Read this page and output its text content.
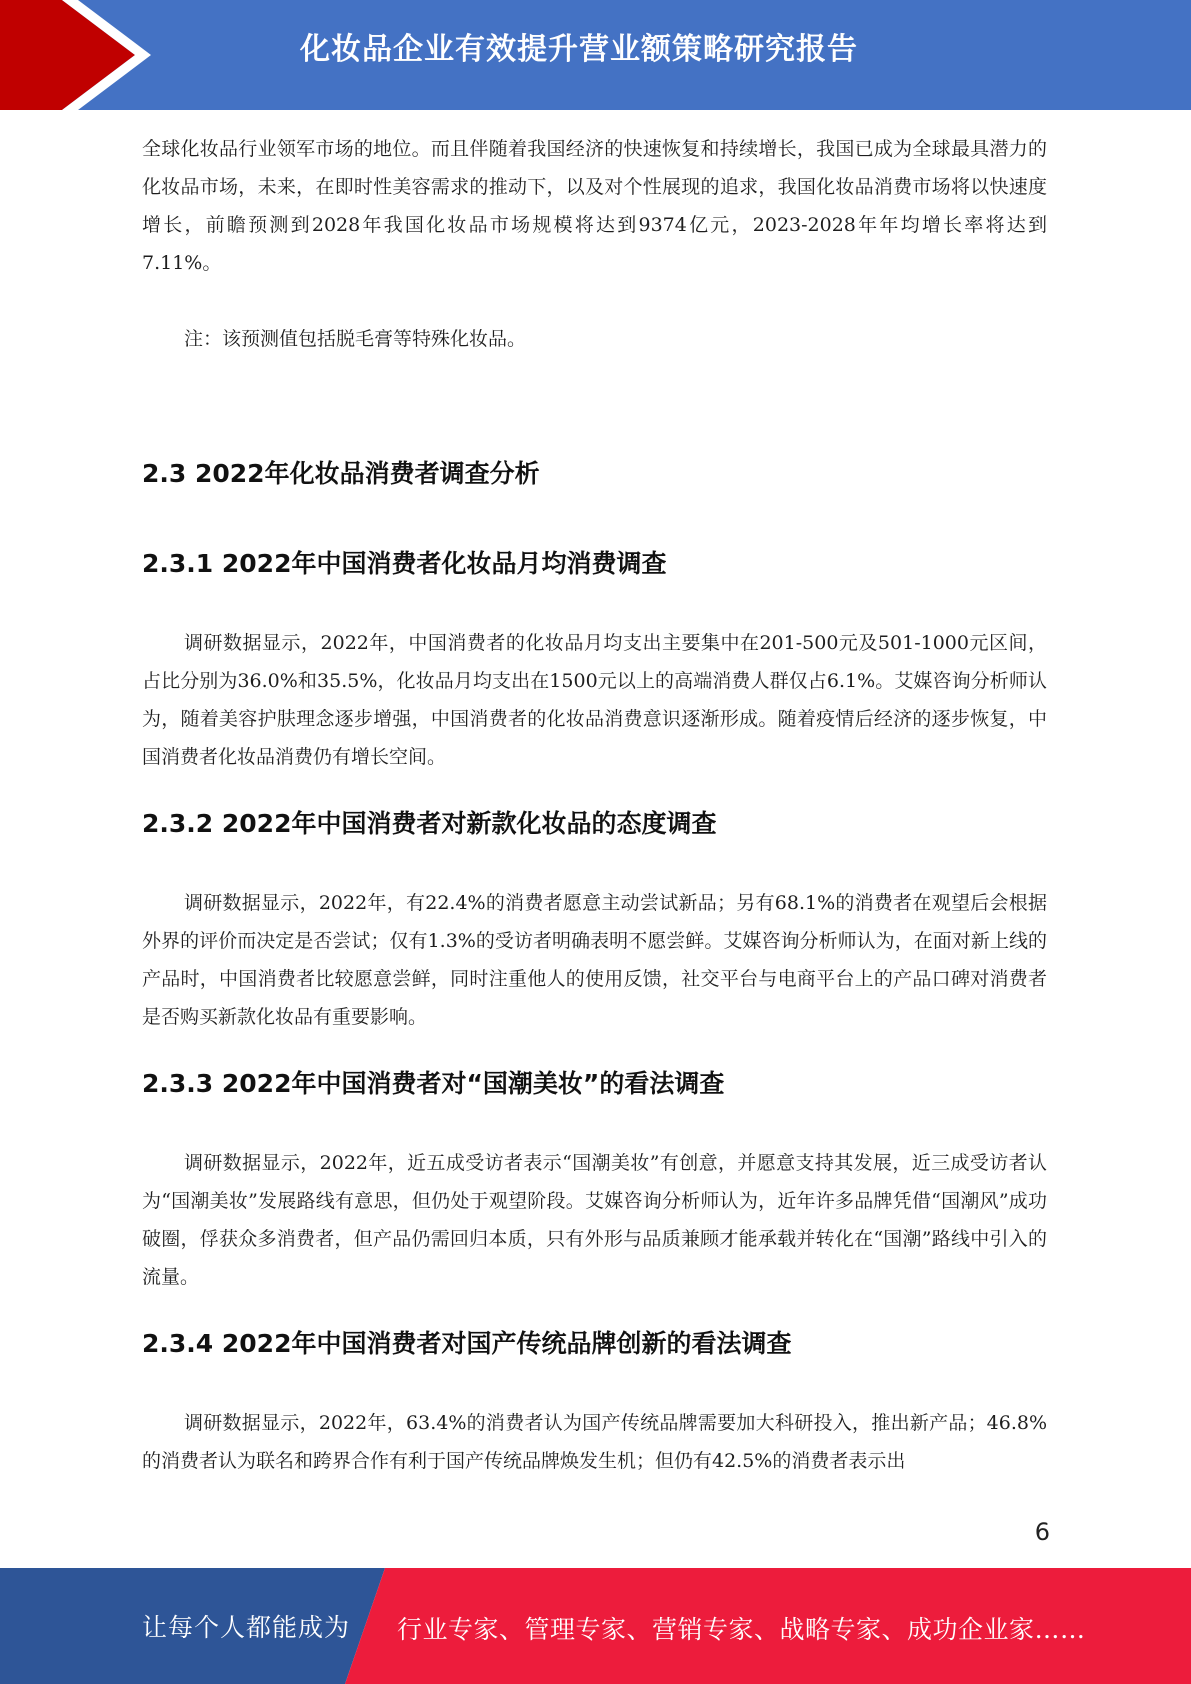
化妆品企业有效提升营业额策略研究报告

全球化妆品行业领军市场的地位。而且伴随着我国经济的快速恢复和持续增长，我国已成为全球最具潜力的化妆品市场，未来，在即时性美容需求的推动下，以及对个性展现的追求，我国化妆品消费市场将以快速度增长，前瞻预测到2028年我国化妆品市场规模将达到9374亿元，2023-2028年年均增长率将达到7.11%。

注：该预测值包括脱毛膏等特殊化妆品。

2.3 2022年化妆品消费者调查分析
2.3.1 2022年中国消费者化妆品月均消费调查

调研数据显示，2022年，中国消费者的化妆品月均支出主要集中在201-500元及501-1000元区间，占比分别为36.0%和35.5%，化妆品月均支出在1500元以上的高端消费人群仅占6.1%。艾媒咨询分析师认为，随着美容护肤理念逐步增强，中国消费者的化妆品消费意识逐渐形成。随着疫情后经济的逐步恢复，中国消费者化妆品消费仍有增长空间。

2.3.2 2022年中国消费者对新款化妆品的态度调查

调研数据显示，2022年，有22.4%的消费者愿意主动尝试新品；另有68.1%的消费者在观望后会根据外界的评价而决定是否尝试；仅有1.3%的受访者明确表明不愿尝鲜。艾媒咨询分析师认为，在面对新上线的产品时，中国消费者比较愿意尝鲜，同时注重他人的使用反馈，社交平台与电商平台上的产品口碑对消费者是否购买新款化妆品有重要影响。

2.3.3 2022年中国消费者对“国潮美妆”的看法调查

调研数据显示，2022年，近五成受访者表示“国潮美妆”有创意，并愿意支持其发展，近三成受访者认为“国潮美妆”发展路线有意思，但仍处于观望阶段。艾媒咨询分析师认为，近年许多品牌凭借“国潮风”成功破圈，俘获众多消费者，但产品仍需回归本质，只有外形与品质兼顾才能承载并转化在“国潮”路线中引入的流量。

2.3.4 2022年中国消费者对国产传统品牌创新的看法调查

调研数据显示，2022年，63.4%的消费者认为国产传统品牌需要加大科研投入，推出新产品；46.8%的消费者认为联名和跨界合作有利于国产传统品牌焕发生机；但仍有42.5%的消费者表示出

6
让每个人都能成为 行业专家、管理专家、营销专家、战略专家、成功企业家……
